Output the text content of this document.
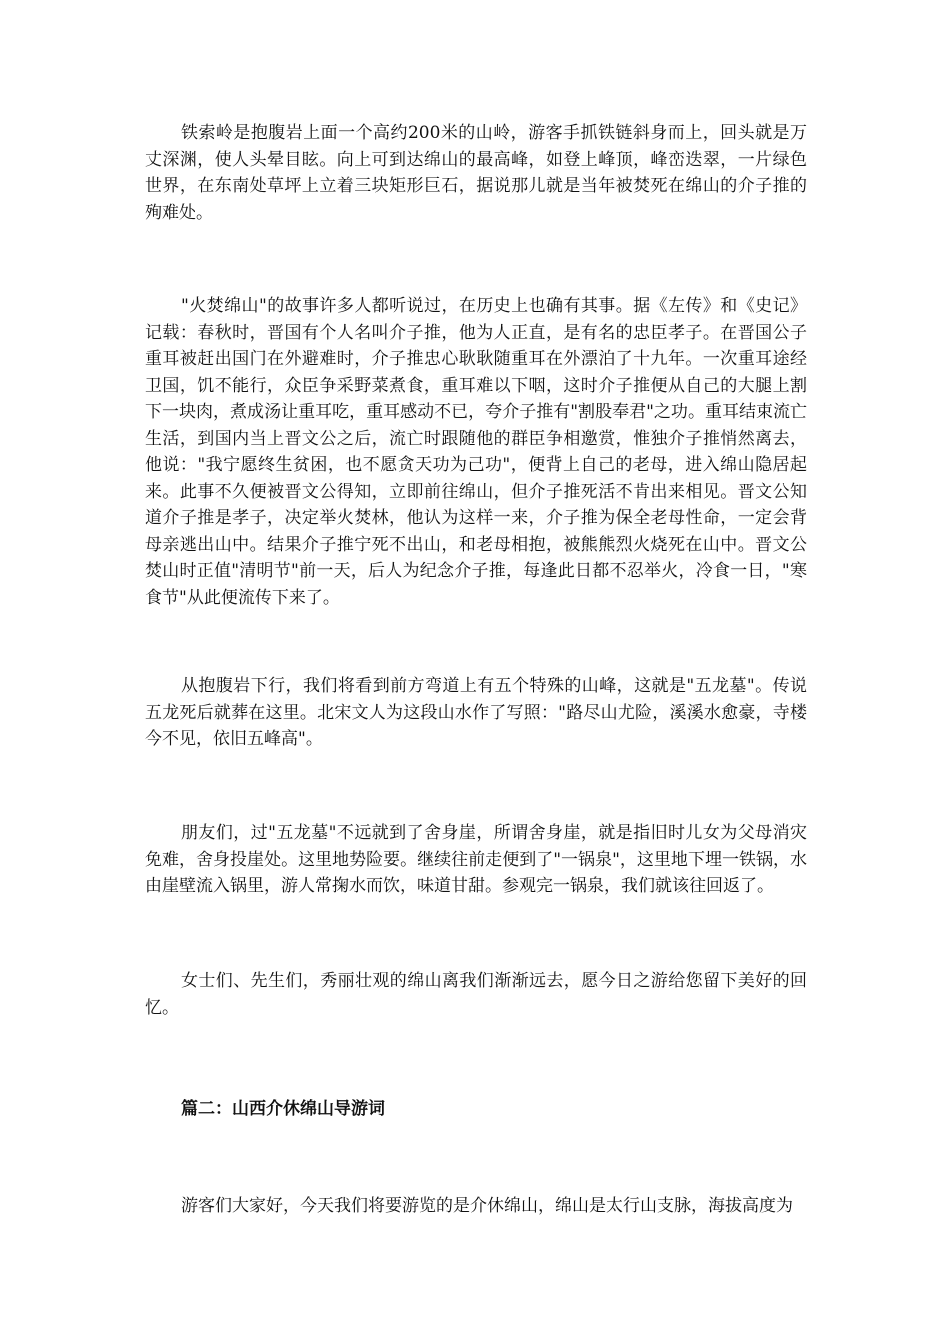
铁索岭是抱腹岩上面一个高约200米的山岭，游客手抓铁链斜身而上，回头就是万丈深渊，使人头晕目眩。向上可到达绵山的最高峰，如登上峰顶，峰峦迭翠，一片绿色世界，在东南处草坪上立着三块矩形巨石，据说那儿就是当年被焚死在绵山的介子推的殉难处。

"火焚绵山"的故事许多人都听说过，在历史上也确有其事。据《左传》和《史记》记载：春秋时，晋国有个人名叫介子推，他为人正直，是有名的忠臣孝子。在晋国公子重耳被赶出国门在外避难时，介子推忠心耿耿随重耳在外漂泊了十九年。一次重耳途经卫国，饥不能行，众臣争采野菜煮食，重耳难以下咽，这时介子推便从自己的大腿上割下一块肉，煮成汤让重耳吃，重耳感动不已，夸介子推有"割股奉君"之功。重耳结束流亡生活，到国内当上晋文公之后，流亡时跟随他的群臣争相邀赏，惟独介子推悄然离去，他说："我宁愿终生贫困，也不愿贪天功为己功"，便背上自己的老母，进入绵山隐居起来。此事不久便被晋文公得知，立即前往绵山，但介子推死活不肯出来相见。晋文公知道介子推是孝子，决定举火焚林，他认为这样一来，介子推为保全老母性命，一定会背母亲逃出山中。结果介子推宁死不出山，和老母相抱，被熊熊烈火烧死在山中。晋文公焚山时正值"清明节"前一天，后人为纪念介子推，每逢此日都不忍举火，冷食一日，"寒食节"从此便流传下来了。

从抱腹岩下行，我们将看到前方弯道上有五个特殊的山峰，这就是"五龙墓"。传说五龙死后就葬在这里。北宋文人为这段山水作了写照："路尽山尤险，溪溪水愈豪，寺楼今不见，依旧五峰高"。

朋友们，过"五龙墓"不远就到了舍身崖，所谓舍身崖，就是指旧时儿女为父母消灾免难，舍身投崖处。这里地势险要。继续往前走便到了"一锅泉"，这里地下埋一铁锅，水由崖壁流入锅里，游人常掬水而饮，味道甘甜。参观完一锅泉，我们就该往回返了。

女士们、先生们，秀丽壮观的绵山离我们渐渐远去，愿今日之游给您留下美好的回忆。

篇二：山西介休绵山导游词

游客们大家好，今天我们将要游览的是介休绵山，绵山是太行山支脉，海拔高度为
